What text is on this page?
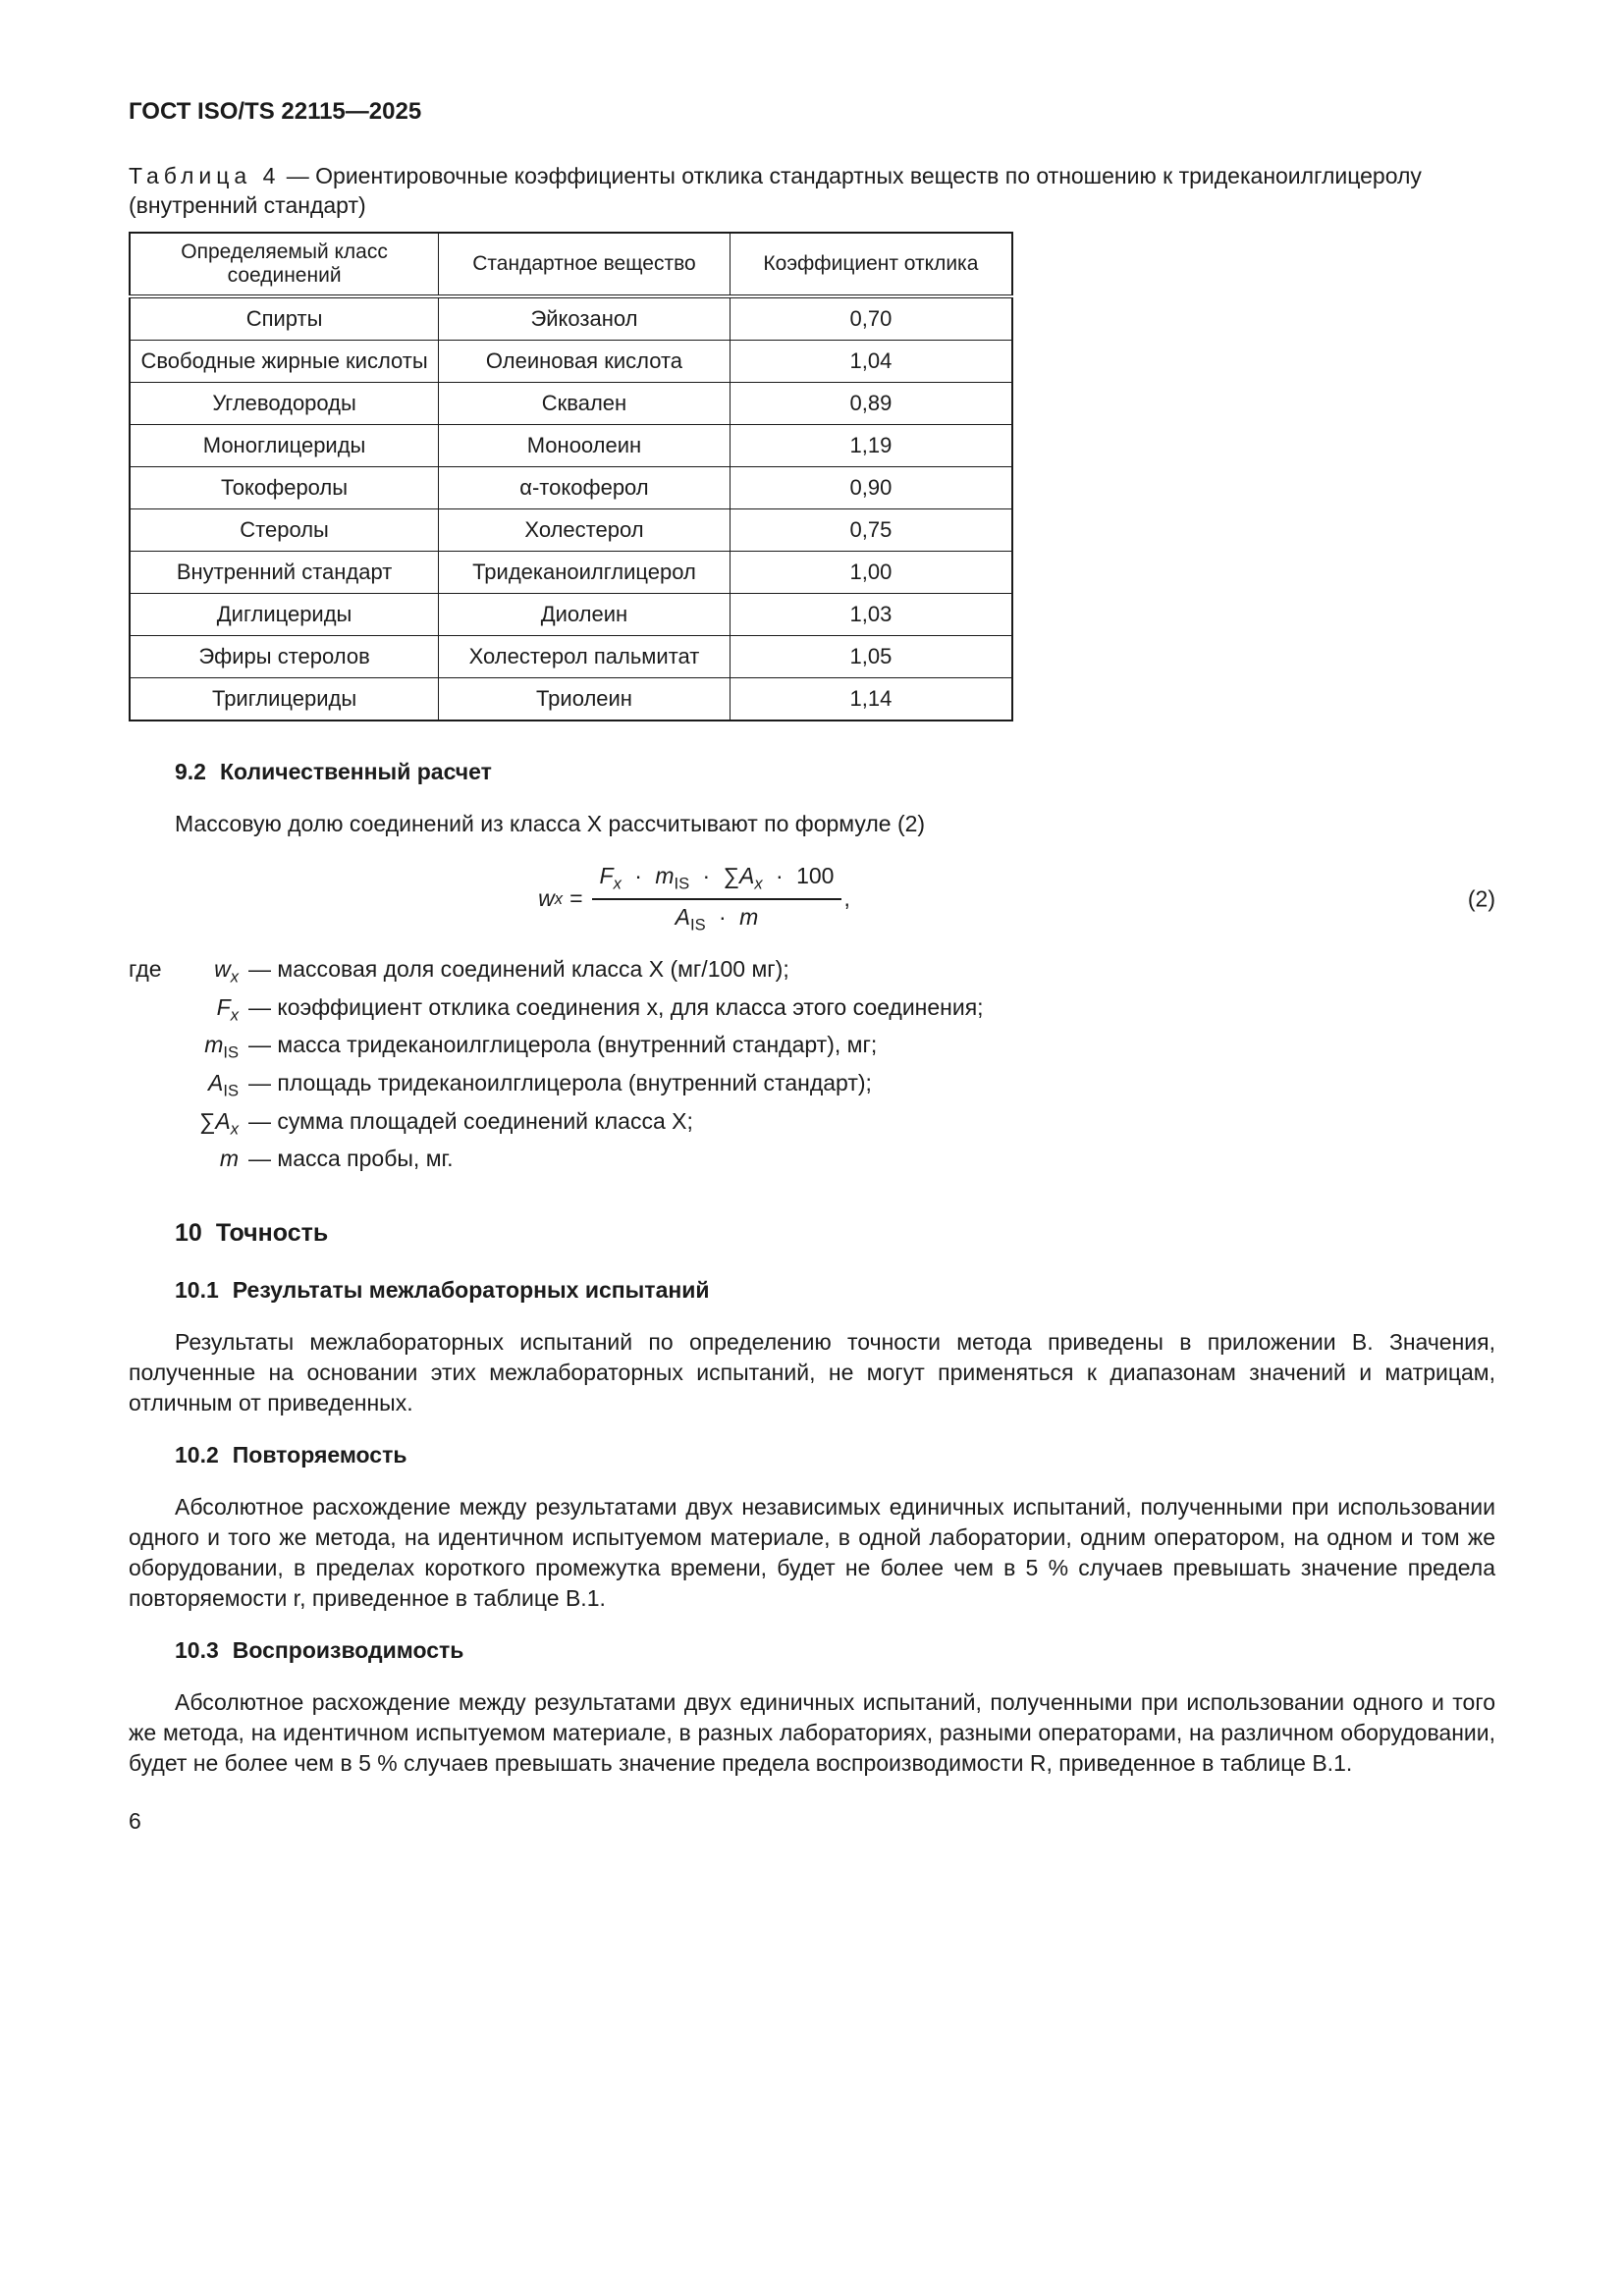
ГОСТ ISO/TS 22115—2025
Таблица 4 — Ориентировочные коэффициенты отклика стандартных веществ по отношению к тридеканоилглицеролу (внутренний стандарт)
Определяемый класс соединений	Стандартное вещество	Коэффициент отклика
Спирты	Эйкозанол	0,70
Свободные жирные кислоты	Олеиновая кислота	1,04
Углеводороды	Сквален	0,89
Моноглицериды	Моноолеин	1,19
Токоферолы	α-токоферол	0,90
Стеролы	Холестерол	0,75
Внутренний стандарт	Тридеканоилглицерол	1,00
Диглицериды	Диолеин	1,03
Эфиры стеролов	Холестерол пальмитат	1,05
Триглицериды	Триолеин	1,14
9.2 Количественный расчет

Массовую долю соединений из класса X рассчитывают по формуле (2)

w x =
$F_x \cdot m_{IS} \cdot \sum A_x \cdot 100$
$A_{IS} \cdot m$
,	(2)
где	$w_x$ — массовая доля соединений класса X (мг/100 мг);
$F_x$ — коэффициент отклика соединения x, для класса этого соединения;
$m_{IS}$ — масса тридеканоилглицерола (внутренний стандарт), мг;
$A_{IS}$ — площадь тридеканоилглицерола (внутренний стандарт);
$\sum A_x$ — сумма площадей соединений класса X;
m — масса пробы, мг.
10 Точность
10.1 Результаты межлабораторных испытаний

Результаты межлабораторных испытаний по определению точности метода приведены в приложении В. Значения, полученные на основании этих межлабораторных испытаний, не могут применяться к диапазонам значений и матрицам, отличным от приведенных.

10.2 Повторяемость

Абсолютное расхождение между результатами двух независимых единичных испытаний, полученными при использовании одного и того же метода, на идентичном испытуемом материале, в одной лаборатории, одним оператором, на одном и том же оборудовании, в пределах короткого промежутка времени, будет не более чем в 5 % случаев превышать значение предела повторяемости r, приведенное в таблице В.1.

10.3 Воспроизводимость

Абсолютное расхождение между результатами двух единичных испытаний, полученными при использовании одного и того же метода, на идентичном испытуемом материале, в разных лабораториях, разными операторами, на различном оборудовании, будет не более чем в 5 % случаев превышать значение предела воспроизводимости R, приведенное в таблице В.1.

6
